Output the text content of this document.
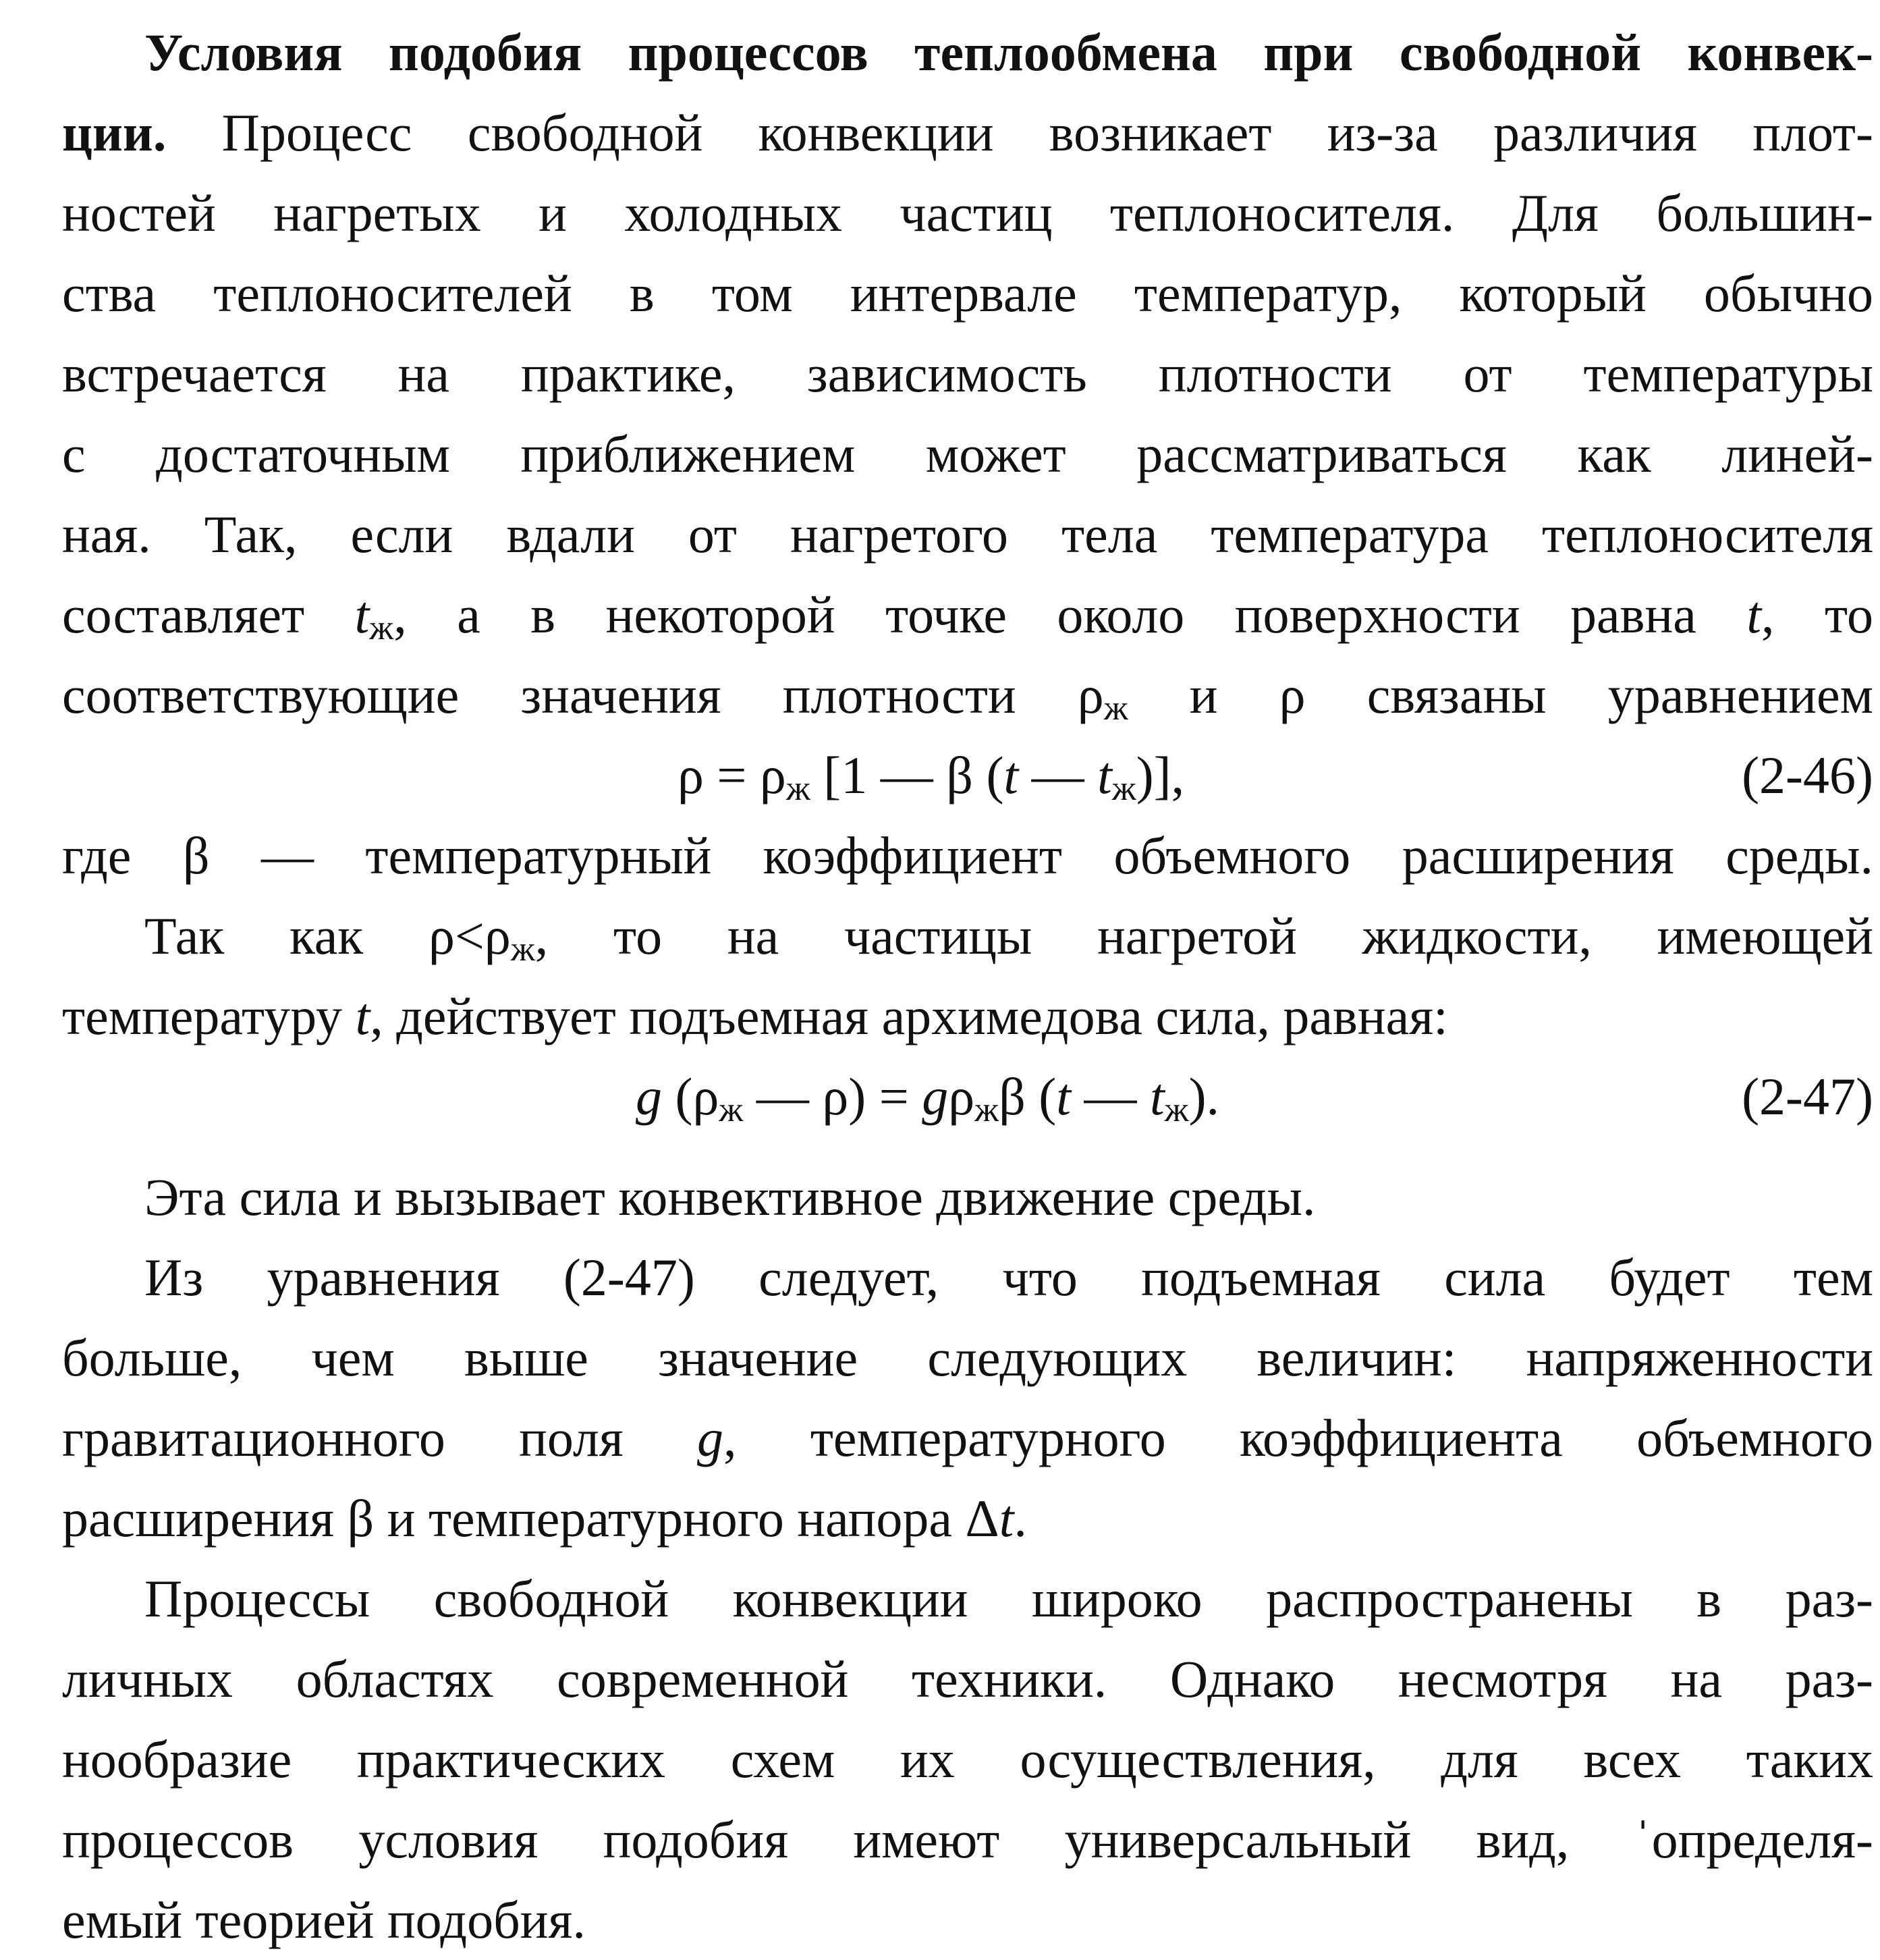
Условия подобия процессов теплообмена при свободной конвек-
ции. Процесс свободной конвекции возникает из-за различия плот-
ностей нагретых и холодных частиц теплоносителя. Для большин-
ства теплоносителей в том интервале температур, который обычно
встречается на практике, зависимость плотности от температуры
с достаточным приближением может рассматриваться как линей-
ная. Так, если вдали от нагретого тела температура теплоносителя
составляет $t_ж$, а в некоторой точке около поверхности равна t, то
соответствующие значения плотности $\rho_ж$ и ρ связаны уравнением
$\rho = \rho_ж$ [1 — β (t — $t_ж$)],	(2-46)
где β — температурный коэффициент объемного расширения среды.
Так как $\rho<\rho_ж$, то на частицы нагретой жидкости, имеющей
температуру t, действует подъемная архимедова сила, равная:
g ($\rho_ж$ — $\rho) = g\rho_ж\beta$ (t — $t_ж$).	(2-47)
Эта сила и вызывает конвективное движение среды.
Из уравнения (2-47) следует, что подъемная сила будет тем
больше, чем выше значение следующих величин: напряженности
гравитационного поля g, температурного коэффициента объемного
расширения β и температурного напора Δt.
Процессы свободной конвекции широко распространены в раз-
личных областях современной техники. Однако несмотря на раз-
нообразие практических схем их осуществления, для всех таких
процессов условия подобия имеют универсальный вид, ˈопределя-
емый теорией подобия.
